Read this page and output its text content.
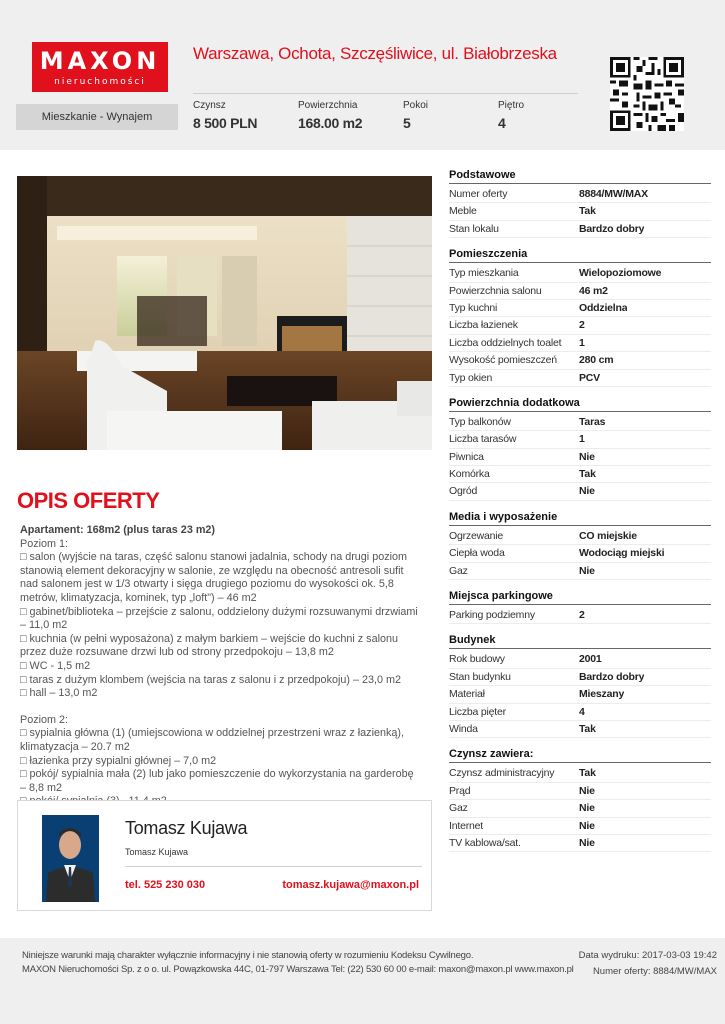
MAXON
nieruchomości
Warszawa, Ochota, Szczęśliwice, ul. Białobrzeska
Mieszkanie - Wynajem
Czynsz
8 500 PLN
Powierzchnia
168.00 m2
Pokoi
5
Piętro
4
OPIS OFERTY
Apartament: 168m2 (plus taras 23 m2)
Poziom 1:
□ salon (wyjście na taras, część salonu stanowi jadalnia, schody na drugi poziom stanowią element dekoracyjny w salonie, ze względu na obecność antresoli sufit nad salonem jest w 1/3 otwarty i sięga drugiego poziomu do wysokości ok. 5,8 metrów, klimatyzacja, kominek, typ „loft") – 46 m2
□ gabinet/biblioteka – przejście z salonu, oddzielony dużymi rozsuwanymi drzwiami – 11,0 m2
□ kuchnia (w pełni wyposażona) z małym barkiem – wejście do kuchni z salonu przez duże rozsuwane drzwi lub od strony przedpokoju – 13,8 m2
□ WC - 1,5 m2
□ taras z dużym klombem (wejścia na taras z salonu i z przedpokoju) – 23,0 m2
□ hall – 13,0 m2
Poziom 2:
□ sypialnia główna (1) (umiejscowiona w oddzielnej przestrzeni wraz z łazienką), klimatyzacja – 20.7 m2
□ łazienka przy sypialni głównej – 7,0 m2
□ pokój/ sypialnia mała (2) lub jako pomieszczenie do wykorzystania na garderobę – 8,8 m2
Tomasz Kujawa
Tomasz Kujawa
tel. 525 230 030	tomasz.kujawa@maxon.pl
Podstawowe
Numer oferty	8884/MW/MAX
Meble	Tak
Stan lokalu	Bardzo dobry
Pomieszczenia
Typ mieszkania	Wielopoziomowe
Powierzchnia salonu	46 m2
Typ kuchni	Oddzielna
Liczba łazienek	2
Liczba oddzielnych toalet	1
Wysokość pomieszczeń	280 cm
Typ okien	PCV
Powierzchnia dodatkowa
Typ balkonów	Taras
Liczba tarasów	1
Piwnica	Nie
Komórka	Tak
Ogród	Nie
Media i wyposażenie
Ogrzewanie	CO miejskie
Ciepła woda	Wodociąg miejski
Gaz	Nie
Miejsca parkingowe
Parking podziemny	2
Budynek
Rok budowy	2001
Stan budynku	Bardzo dobry
Materiał	Mieszany
Liczba pięter	4
Winda	Tak
Czynsz zawiera:
Czynsz administracyjny	Tak
Prąd	Nie
Gaz	Nie
Internet	Nie
TV kablowa/sat.	Nie
Niniejsze warunki mają charakter wyłącznie informacyjny i nie stanowią oferty w rozumieniu Kodeksu Cywilnego.
MAXON Nieruchomości Sp. z o o. ul. Powązkowska 44C, 01-797 Warszawa Tel: (22) 530 60 00 e-mail: maxon@maxon.pl www.maxon.pl
Data wydruku: 2017-03-03 19:42
Numer oferty: 8884/MW/MAX
